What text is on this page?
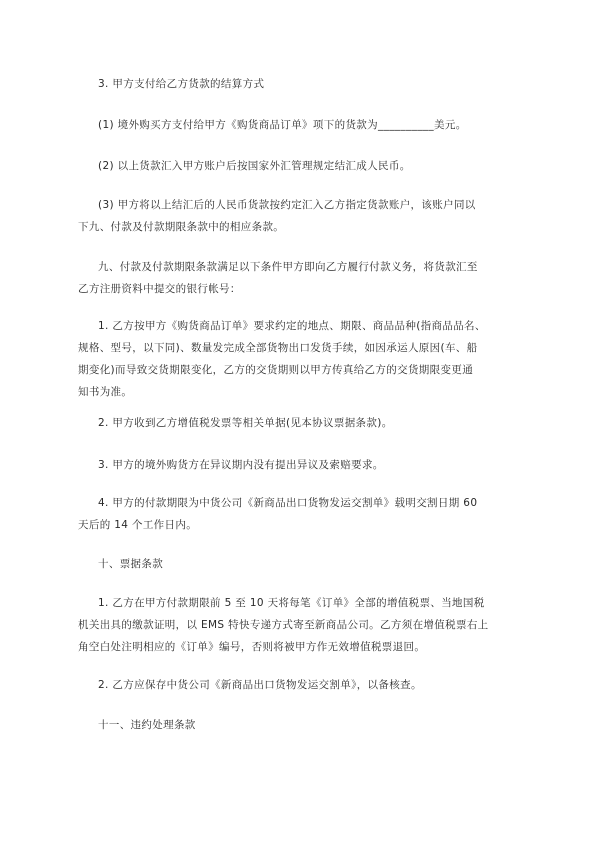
3. 甲方支付给乙方货款的结算方式

(1) 境外购买方支付给甲方《购货商品订单》项下的货款为__________美元。

(2) 以上货款汇入甲方账户后按国家外汇管理规定结汇成人民币。

(3) 甲方将以上结汇后的人民币货款按约定汇入乙方指定货款账户，该账户同以
下九、付款及付款期限条款中的相应条款。

九、付款及付款期限条款满足以下条件甲方即向乙方履行付款义务，将货款汇至
乙方注册资料中提交的银行帐号：

1. 乙方按甲方《购货商品订单》要求约定的地点、期限、商品品种(指商品品名、
规格、型号，以下同)、数量发完成全部货物出口发货手续，如因承运人原因(车、船
期变化)而导致交货期限变化，乙方的交货期则以甲方传真给乙方的交货期限变更通
知书为准。

2. 甲方收到乙方增值税发票等相关单据(见本协议票据条款)。

3. 甲方的境外购货方在异议期内没有提出异议及索赔要求。

4. 甲方的付款期限为中货公司《新商品出口货物发运交割单》载明交割日期 60
天后的 14 个工作日内。

十、票据条款

1. 乙方在甲方付款期限前 5 至 10 天将每笔《订单》全部的增值税票、当地国税
机关出具的缴款证明，以 EMS 特快专递方式寄至新商品公司。乙方须在增值税票右上
角空白处注明相应的《订单》编号，否则将被甲方作无效增值税票退回。

2. 乙方应保存中货公司《新商品出口货物发运交割单》，以备核查。

十一、违约处理条款
